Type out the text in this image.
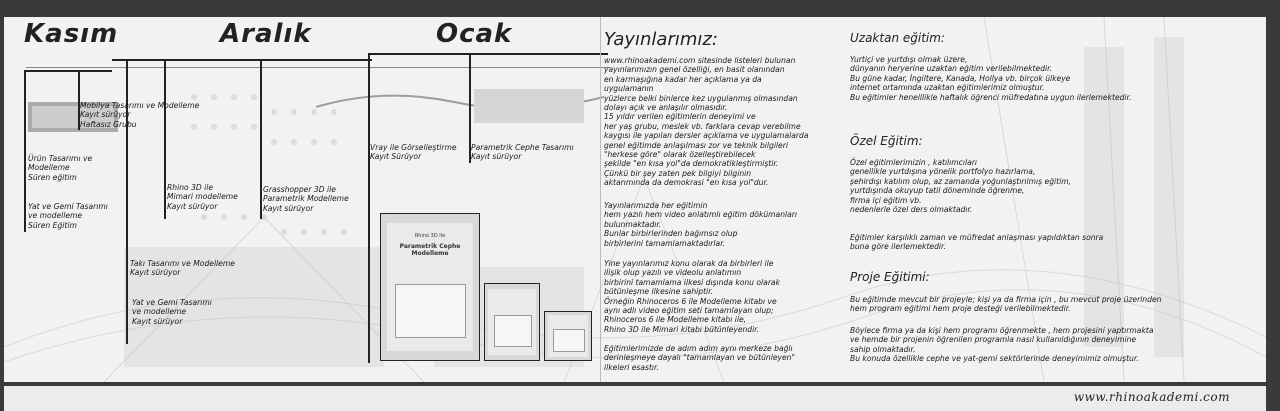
Kasım	Aralık	Ocak
Mobilya Tasarımı ve Modelleme
Kayıt sürüyor
Haftasız Grubu
Ürün Tasarımı ve
Modelleme
Süren eğitim
Yat ve Gemi Tasarımı
ve modelleme
Süren Eğitim
Rhino 3D ile
Mimari modelleme
Kayıt sürüyor
Grasshopper 3D ile
Parametrik Modelleme
Kayıt sürüyor
Vray ile Görselleştirme
Kayıt Sürüyor
Parametrik Cephe Tasarımı
Kayıt sürüyor
Takı Tasarımı ve Modelleme
Kayıt sürüyor
Yat ve Gemi Tasarımı
ve modelleme
Kayıt sürüyor
Rhino 3D ile
Parametrik Cephe Modelleme
Yayınlarımız:
www.rhinoakademi.com sitesinde listeleri bulunan
yayınlarımızın genel özelliği, en basit olanından
en karmaşığına kadar her açıklama ya da
uygulamanın
yüzlerce belki binlerce kez uygulanmış olmasından
dolayı açık ve anlaşılır olmasıdır.
15 yıldır verilen eğitimlerin deneyimi ve
her yaş grubu, meslek vb. farklara cevap verebilme
kaygısı ile yapılan dersler açıklama ve uygulamalarda
genel eğitimde anlaşılması zor ve teknik bilgileri
"herkese göre" olarak özelleştirebilecek
şekilde "en kısa yol"da demokratikleştirmiştir.
Çünkü bir şey zaten pek bilgiyi bilginin
aktarımında da demokrasi "en kısa yol"dur.
Yayınlarımızda her eğitimin
hem yazılı hem video anlatımlı eğitim dökümanları
bulunmaktadır.
Bunlar birbirlerinden bağımsız olup
birbirlerini tamamlamaktadırlar.
Yine yayınlarımız konu olarak da birbirleri ile
ilişik olup yazılı ve videolu anlatımın
birbirini tamamlama ilkesi dışında konu olarak
bütünleşme ilkesine sahiptir.
Örneğin Rhinoceros 6 ile Modelleme kitabı ve
aynı adlı video eğitim seti tamamlayan olup;
Rhinoceros 6 ile Modelleme kitabı ile,
Rhino 3D ile Mimari kitabı bütünleyendir.
Eğitimlerimizde de adım adım aynı merkeze bağlı
derinleşmeye dayalı "tamamlayan ve bütünleyen"
ilkeleri esastır.
Uzaktan eğitim:
Yurtiçi ve yurtdışı olmak üzere,
dünyanın heryerine uzaktan eğitim verilebilmektedir.
Bu güne kadar, İngiltere, Kanada, Hollya vb. birçok ülkeye
internet ortamında uzaktan eğitimlerimiz olmuştur.
Bu eğitimler henelllikle haftalık öğrenci müfredatına uygun ilerlemektedir.
Özel Eğitim:
Özel eğitimlerimizin , katılımcıları
genellikle yurtdışına yönelik portfolyo hazırlama,
şehirdışı katılım olup, az zamanda yoğunlaştırılmış eğitim,
yurtdışında okuyup tatil döneminde öğrenme,
firma içi eğitim vb.
nedenlerle özel ders olmaktadır.
Eğitimler karşılıklı zaman ve müfredat anlaşması yapıldıktan sonra
buna göre ilerlemektedir.
Proje Eğitimi:
Bu eğitimde mevcut bir projeyle; kişi ya da firma için , bu mevcut proje üzerinden
hem program eğitimi hem proje desteği verilebilmektedir.
Böylece firma ya da kişi hem programı öğrenmekte , hem projesini yaptırmakta
ve hemde bir projenin öğrenilen programla nasıl kullanıldığının deneyimine
sahip olmaktadır.
Bu konuda özellikle cephe ve yat-gemi sektörlerinde deneyimimiz olmuştur.
www.rhinoakademi.com
